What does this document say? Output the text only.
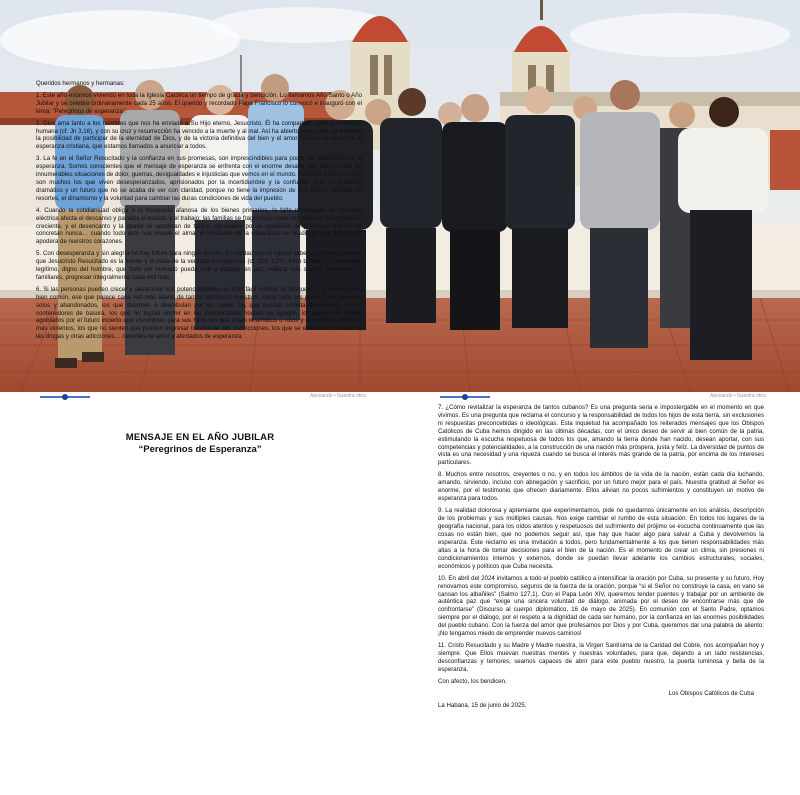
Apoyando • Nuestra obra
MENSAJE EN EL AÑO JUBILAR
“Peregrinos de Esperanza”

Queridos hermanos y hermanas:

1. Este año estamos viviendo en toda la Iglesia Católica un tiempo de gracia y bendición. Lo llamamos Año Santo o Año Jubilar y se celebra ordinariamente cada 25 años. El querido y recordado Papa Francisco lo convocó e inauguró con el lema: “Peregrinos de esperanza”.

2. Dios ama tanto a los hombres que nos ha enviado a Su Hijo eterno, Jesucristo. Él ha compartido nuestra condición humana (cf. Jn 3,16), y con su cruz y resurrección ha vencido a la muerte y al mal. Así ha abierto para cada ser humano la posibilidad de participar de la eternidad de Dios, y de la victoria definitiva del bien y el amor. Esta es la razón de la esperanza cristiana, que estamos llamados a anunciar a todos.

3. La fe en el Señor Resucitado y la confianza en sus promesas, son imprescindibles para poder dar testimonio de la esperanza. Somos conscientes que el mensaje de esperanza se enfrenta con el enorme desafío que representan las innumerables situaciones de dolor, guerras, desigualdades e injusticias que vemos en el mundo. También entre nosotros son muchos los que viven desesperanzados, aprisionados por la incertidumbre y la confusión ante un presente dramático y un futuro que no se acaba de ver con claridad, porque no tiene la impresión de que hemos perdido los resortes, el dinamismo y la voluntad para cambiar las duras condiciones de vida del pueblo.

4. Cuando la cotidianidad obliga a la búsqueda afanosa de los bienes primarios, la falta prolongada de corriente eléctrica afecta el descanso y paraliza el estudio y el trabajo; las familias se fragmentan cada vez más por la emigración creciente, y el desencanto y la apatía se apoderan de tantos, agobiados por la repetición de promesas que no se concretan nunca… cuando todo esto nos invade el alma, el horizonte de la esperanza se desdibuja y la tristeza se apodera de nuestros corazones.

5. Con desesperanza y sin alegría no hay futuro para ningún pueblo. Es verdad que la Iglesia sabe y proclama siempre que Jesucristo Resucitado es la fuente y la meta de la verdadera esperanza (cf. Col. 1,27). Pero también es deseable, legítimo, digno del hombre, que todo ser humano pueda vivir y trabajar en paz, realizar sus sueños personales y familiares, progresar integralmente cada vez más.

6. Si las personas pueden crecer y desarrollar sus potencialidades, es más fácil motivar la búsqueda y el esfuerzo del bien común, ese que parece cada vez más lejano de tantos hermanos nuestros, sobre todo, los pobres, los ancianos solos y abandonados, los que duermen o deambulan por las calles, los que buscan comida diariamente en los contenedores de basura, los que no logran dormir en las interminables noches de apagón, los padres de familia agobiados por el futuro incierto que vislumbran para sus hijos, los que están resentidos o rotos y se vuelven cada vez más violentos, los que no sienten que pueden expresar libremente sus convicciones, los que se enrolan en el alcohol, las drogas y otras adicciones… carentes de amor y afectados de esperanza.

Apoyando • Nuestra obra

7. ¿Cómo revitalizar la esperanza de tantos cubanos? Es una pregunta seria e impostergable en el momento en que vivimos. Es una pregunta que reclama el concurso y la responsabilidad de todos los hijos de esta tierra, sin exclusiones ni respuestas preconcebidas o ideológicas. Esta inquietud ha acompañado los reiterados mensajes que los Obispos Católicos de Cuba hemos dirigido en las últimas décadas, con el único deseo de servir al bien común de la patria, estimulando la escucha respetuosa de todos los que, amando la tierra donde han nacido, desean aportar, con sus competencias y potencialidades, a la construcción de una nación más próspera, justa y feliz. La diversidad de puntos de vista es una necesidad y una riqueza cuando se busca el interés más grande de la patria, por encima de los intereses particulares.

8. Muchos entre nosotros, creyentes o no, y en todos los ámbitos de la vida de la nación, están cada día luchando, amando, sirviendo, incluso con abnegación y sacrificio, por un futuro mejor para el país. Nuestra gratitud al Señor es enorme, por el testimonio que ofrecen diariamente. Ellos alivian no pocos sufrimientos y constituyen un motivo de esperanza para todos.

9. La realidad dolorosa y apremiante que experimentamos, pide no quedarnos únicamente en los análisis, descripción de los problemas y sus múltiples causas. Nos exige cambiar el rumbo de esta situación. En todos los lugares de la geografía nacional, para los oídos atentos y respetuosos del sufrimiento del prójimo se escucha continuamente que las cosas no están bien, que no podemos seguir así, que hay que hacer algo para salvar a Cuba y devolvernos la esperanza. Este reclamo es una invitación a todos, pero fundamentalmente a los que tienen responsabilidades más altas a la hora de tomar decisiones para el bien de la nación. Es el momento de crear un clima, sin presiones ni condicionamientos internos y externos, donde se puedan llevar adelante los cambios estructurales, sociales, económicos y políticos que Cuba necesita.

10. En abril del 2024 invitamos a todo el pueblo católico a intensificar la oración por Cuba, su presente y su futuro. Hoy renovamos este compromiso, seguros de la fuerza de la oración, porque “si el Señor no construye la casa, en vano se cansan los albañiles” (Salmo 127,1). Con el Papa León XIV, queremos tender puentes y trabajar por un ambiente de auténtica paz que “exige una sincera voluntad de diálogo, animada por el deseo de encontrarse más que de confrontarse” (Discurso al cuerpo diplomático, 16 de mayo de 2025). En comunión con el Santo Padre, optamos siempre por el diálogo, por el respeto a la dignidad de cada ser humano, por la confianza en las enormes posibilidades del pueblo cubano. Con la fuerza del amor que profesamos por Dios y por Cuba, queremos dar una palabra de aliento: ¡No tengamos miedo de emprender nuevos caminos!

11. Cristo Resucitado y su Madre y Madre nuestra, la Virgen Santísima de la Caridad del Cobre, nos acompañan hoy y siempre. Que Ellos muevan nuestras mentes y nuestras voluntades, para que, dejando a un lado resistencias, desconfianzas y temores, seamos capaces de abrir para este pueblo nuestro, la puerta luminosa y bella de la esperanza.

Con afecto, los bendicen.

Los Obispos Católicos de Cuba

La Habana, 15 de junio de 2025.
